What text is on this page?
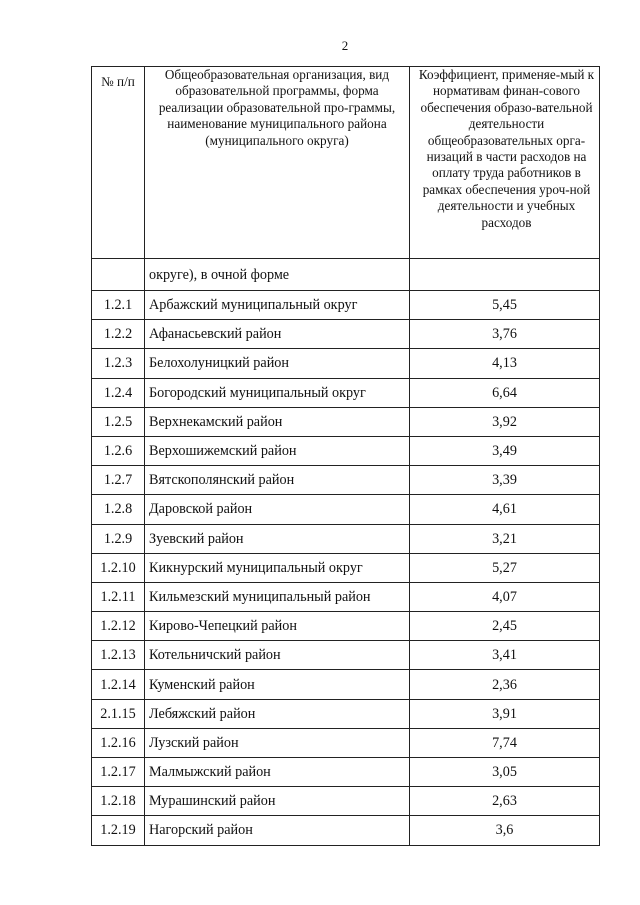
2
№ п/п	Общеобразовательная организация, вид образовательной программы, форма реализации образовательной про-граммы, наименование муниципального района (муниципального округа)	Коэффициент, применяе-мый к нормативам финан-сового обеспечения образо-вательной деятельности общеобразовательных орга-низаций в части расходов на оплату труда работников в рамках обеспечения уроч-ной деятельности и учебных расходов
	округе), в очной форме	
1.2.1	Арбажский муниципальный округ	5,45
1.2.2	Афанасьевский район	3,76
1.2.3	Белохолуницкий район	4,13
1.2.4	Богородский муниципальный округ	6,64
1.2.5	Верхнекамский район	3,92
1.2.6	Верхошижемский район	3,49
1.2.7	Вятскополянский район	3,39
1.2.8	Даровской район	4,61
1.2.9	Зуевский район	3,21
1.2.10	Кикнурский муниципальный округ	5,27
1.2.11	Кильмезский муниципальный район	4,07
1.2.12	Кирово-Чепецкий район	2,45
1.2.13	Котельничский район	3,41
1.2.14	Куменский район	2,36
2.1.15	Лебяжский район	3,91
1.2.16	Лузский район	7,74
1.2.17	Малмыжский район	3,05
1.2.18	Мурашинский район	2,63
1.2.19	Нагорский район	3,6
